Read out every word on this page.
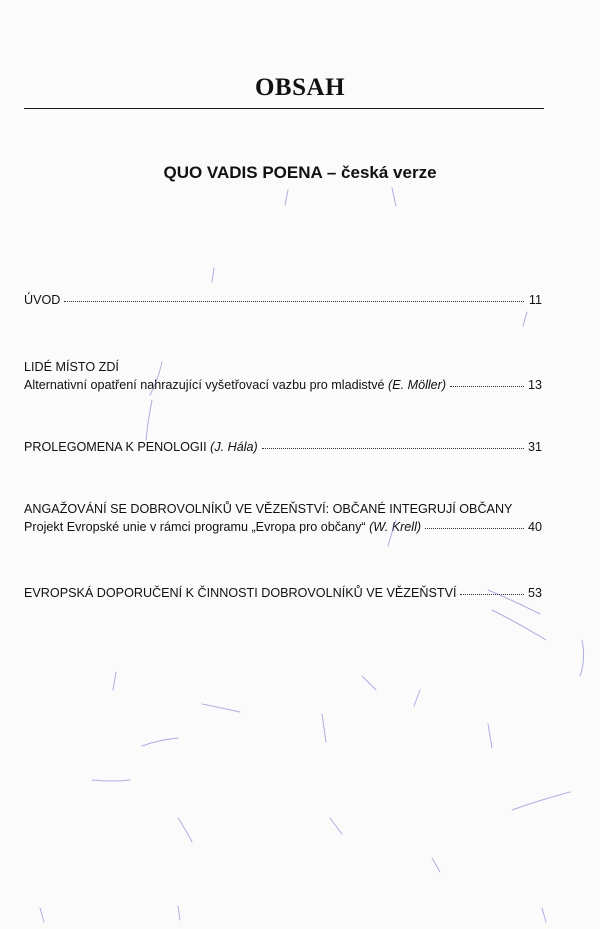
OBSAH
QUO VADIS POENA – česká verze
ÚVOD	11
LIDÉ MÍSTO ZDÍ
Alternativní opatření nahrazující vyšetřovací vazbu pro mladistvé (E. Möller)	13
PROLEGOMENA K PENOLOGII (J. Hála)	31
ANGAŽOVÁNÍ SE DOBROVOLNÍKŮ VE VĚZEŇSTVÍ: OBČANÉ INTEGRUJÍ OBČANY
Projekt Evropské unie v rámci programu „Evropa pro občany“ (W. Krell)	40
EVROPSKÁ DOPORUČENÍ K ČINNOSTI DOBROVOLNÍKŮ VE VĚZEŇSTVÍ	53
